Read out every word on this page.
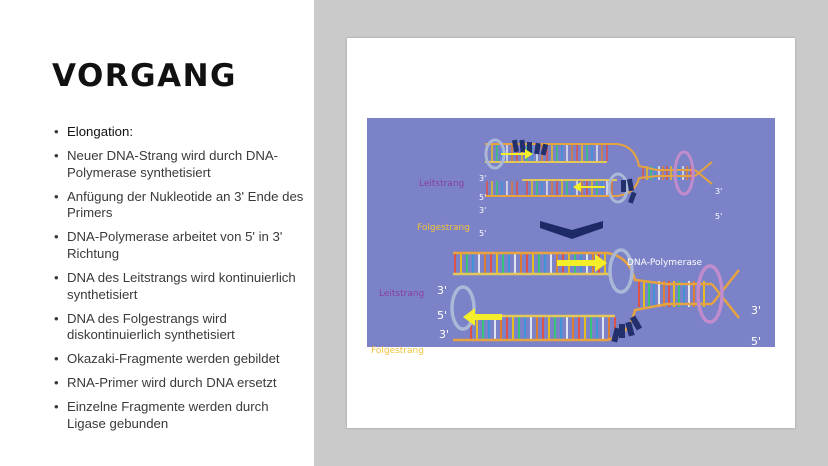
VORGANG
• Elongation:
• Neuer DNA-Strang wird durch DNA-Polymerase synthetisiert
• Anfügung der Nukleotide an 3' Ende des Primers
• DNA-Polymerase arbeitet von 5' in 3' Richtung
• DNA des Leitstrangs wird kontinuierlich synthetisiert
• DNA des Folgestrangs wird diskontinuierlich synthetisiert
• Okazaki-Fragmente werden gebildet
• RNA-Primer wird durch DNA ersetzt
• Einzelne Fragmente werden durch Ligase gebunden
Leitstrang
Folgestrang
3'
5'
3'
5'
3'
5'
DNA-Polymerase
Leitstrang
Folgestrang
3'
5'
3'
5'
3'
5'
